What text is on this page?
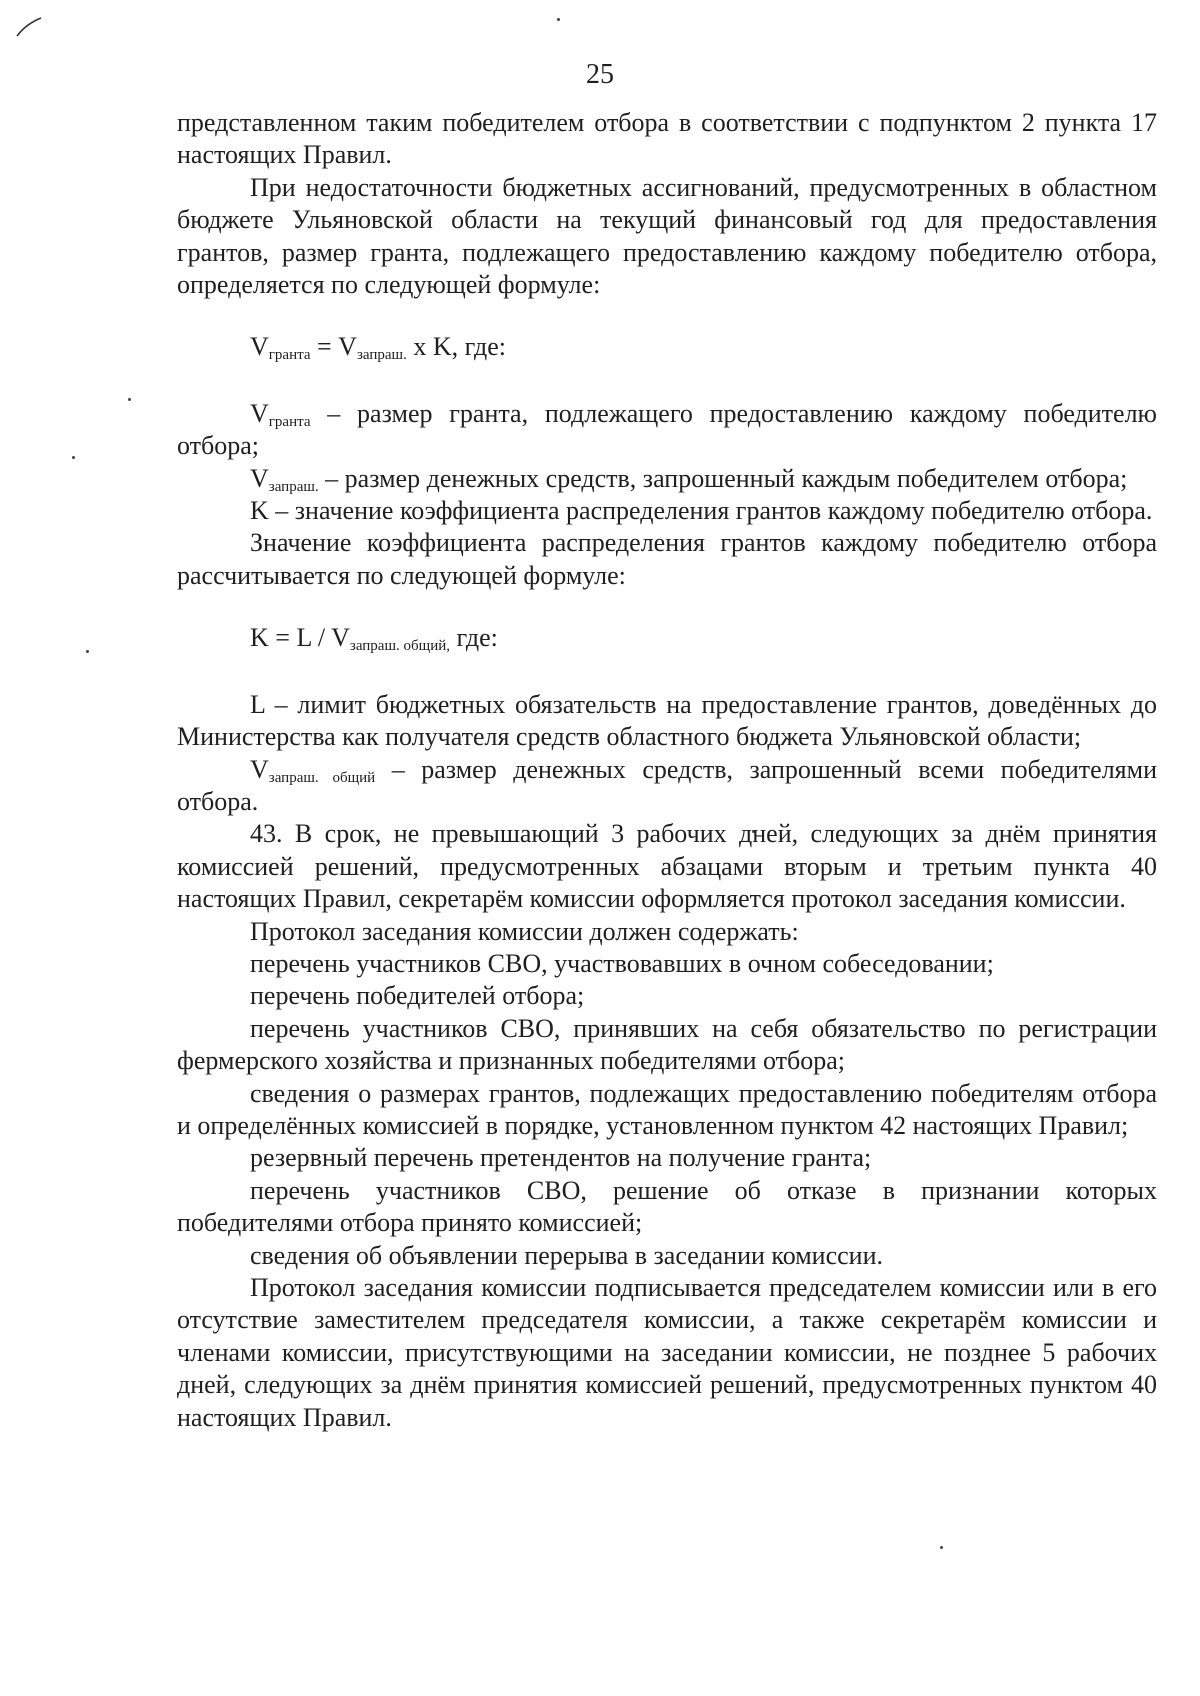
25

представленном таким победителем отбора в соответствии с подпунктом 2 пункта 17 настоящих Правил.

При недостаточности бюджетных ассигнований, предусмотренных в областном бюджете Ульяновской области на текущий финансовый год для предоставления грантов, размер гранта, подлежащего предоставлению каждому победителю отбора, определяется по следующей формуле:

$V_{гранта} = V_{запраш.}$ x K, где:

$V_{гранта}$ – размер гранта, подлежащего предоставлению каждому победителю отбора;

$V_{запраш.}$ – размер денежных средств, запрошенный каждым победителем отбора;

K – значение коэффициента распределения грантов каждому победителю отбора.

Значение коэффициента распределения грантов каждому победителю отбора рассчитывается по следующей формуле:

$K = L / V_{запраш. общий,}$ где:

L – лимит бюджетных обязательств на предоставление грантов, доведённых до Министерства как получателя средств областного бюджета Ульяновской области;

$V_{запраш. общий}$ – размер денежных средств, запрошенный всеми победителями отбора.

43. В срок, не превышающий 3 рабочих дней, следующих за днём принятия комиссией решений, предусмотренных абзацами вторым и третьим пункта 40 настоящих Правил, секретарём комиссии оформляется протокол заседания комиссии.

Протокол заседания комиссии должен содержать:

перечень участников СВО, участвовавших в очном собеседовании;

перечень победителей отбора;

перечень участников СВО, принявших на себя обязательство по регистрации фермерского хозяйства и признанных победителями отбора;

сведения о размерах грантов, подлежащих предоставлению победителям отбора и определённых комиссией в порядке, установленном пунктом 42 настоящих Правил;

резервный перечень претендентов на получение гранта;

перечень участников СВО, решение об отказе в признании которых победителями отбора принято комиссией;

сведения об объявлении перерыва в заседании комиссии.

Протокол заседания комиссии подписывается председателем комиссии или в его отсутствие заместителем председателя комиссии, а также секретарём комиссии и членами комиссии, присутствующими на заседании комиссии, не позднее 5 рабочих дней, следующих за днём принятия комиссией решений, предусмотренных пунктом 40 настоящих Правил.
